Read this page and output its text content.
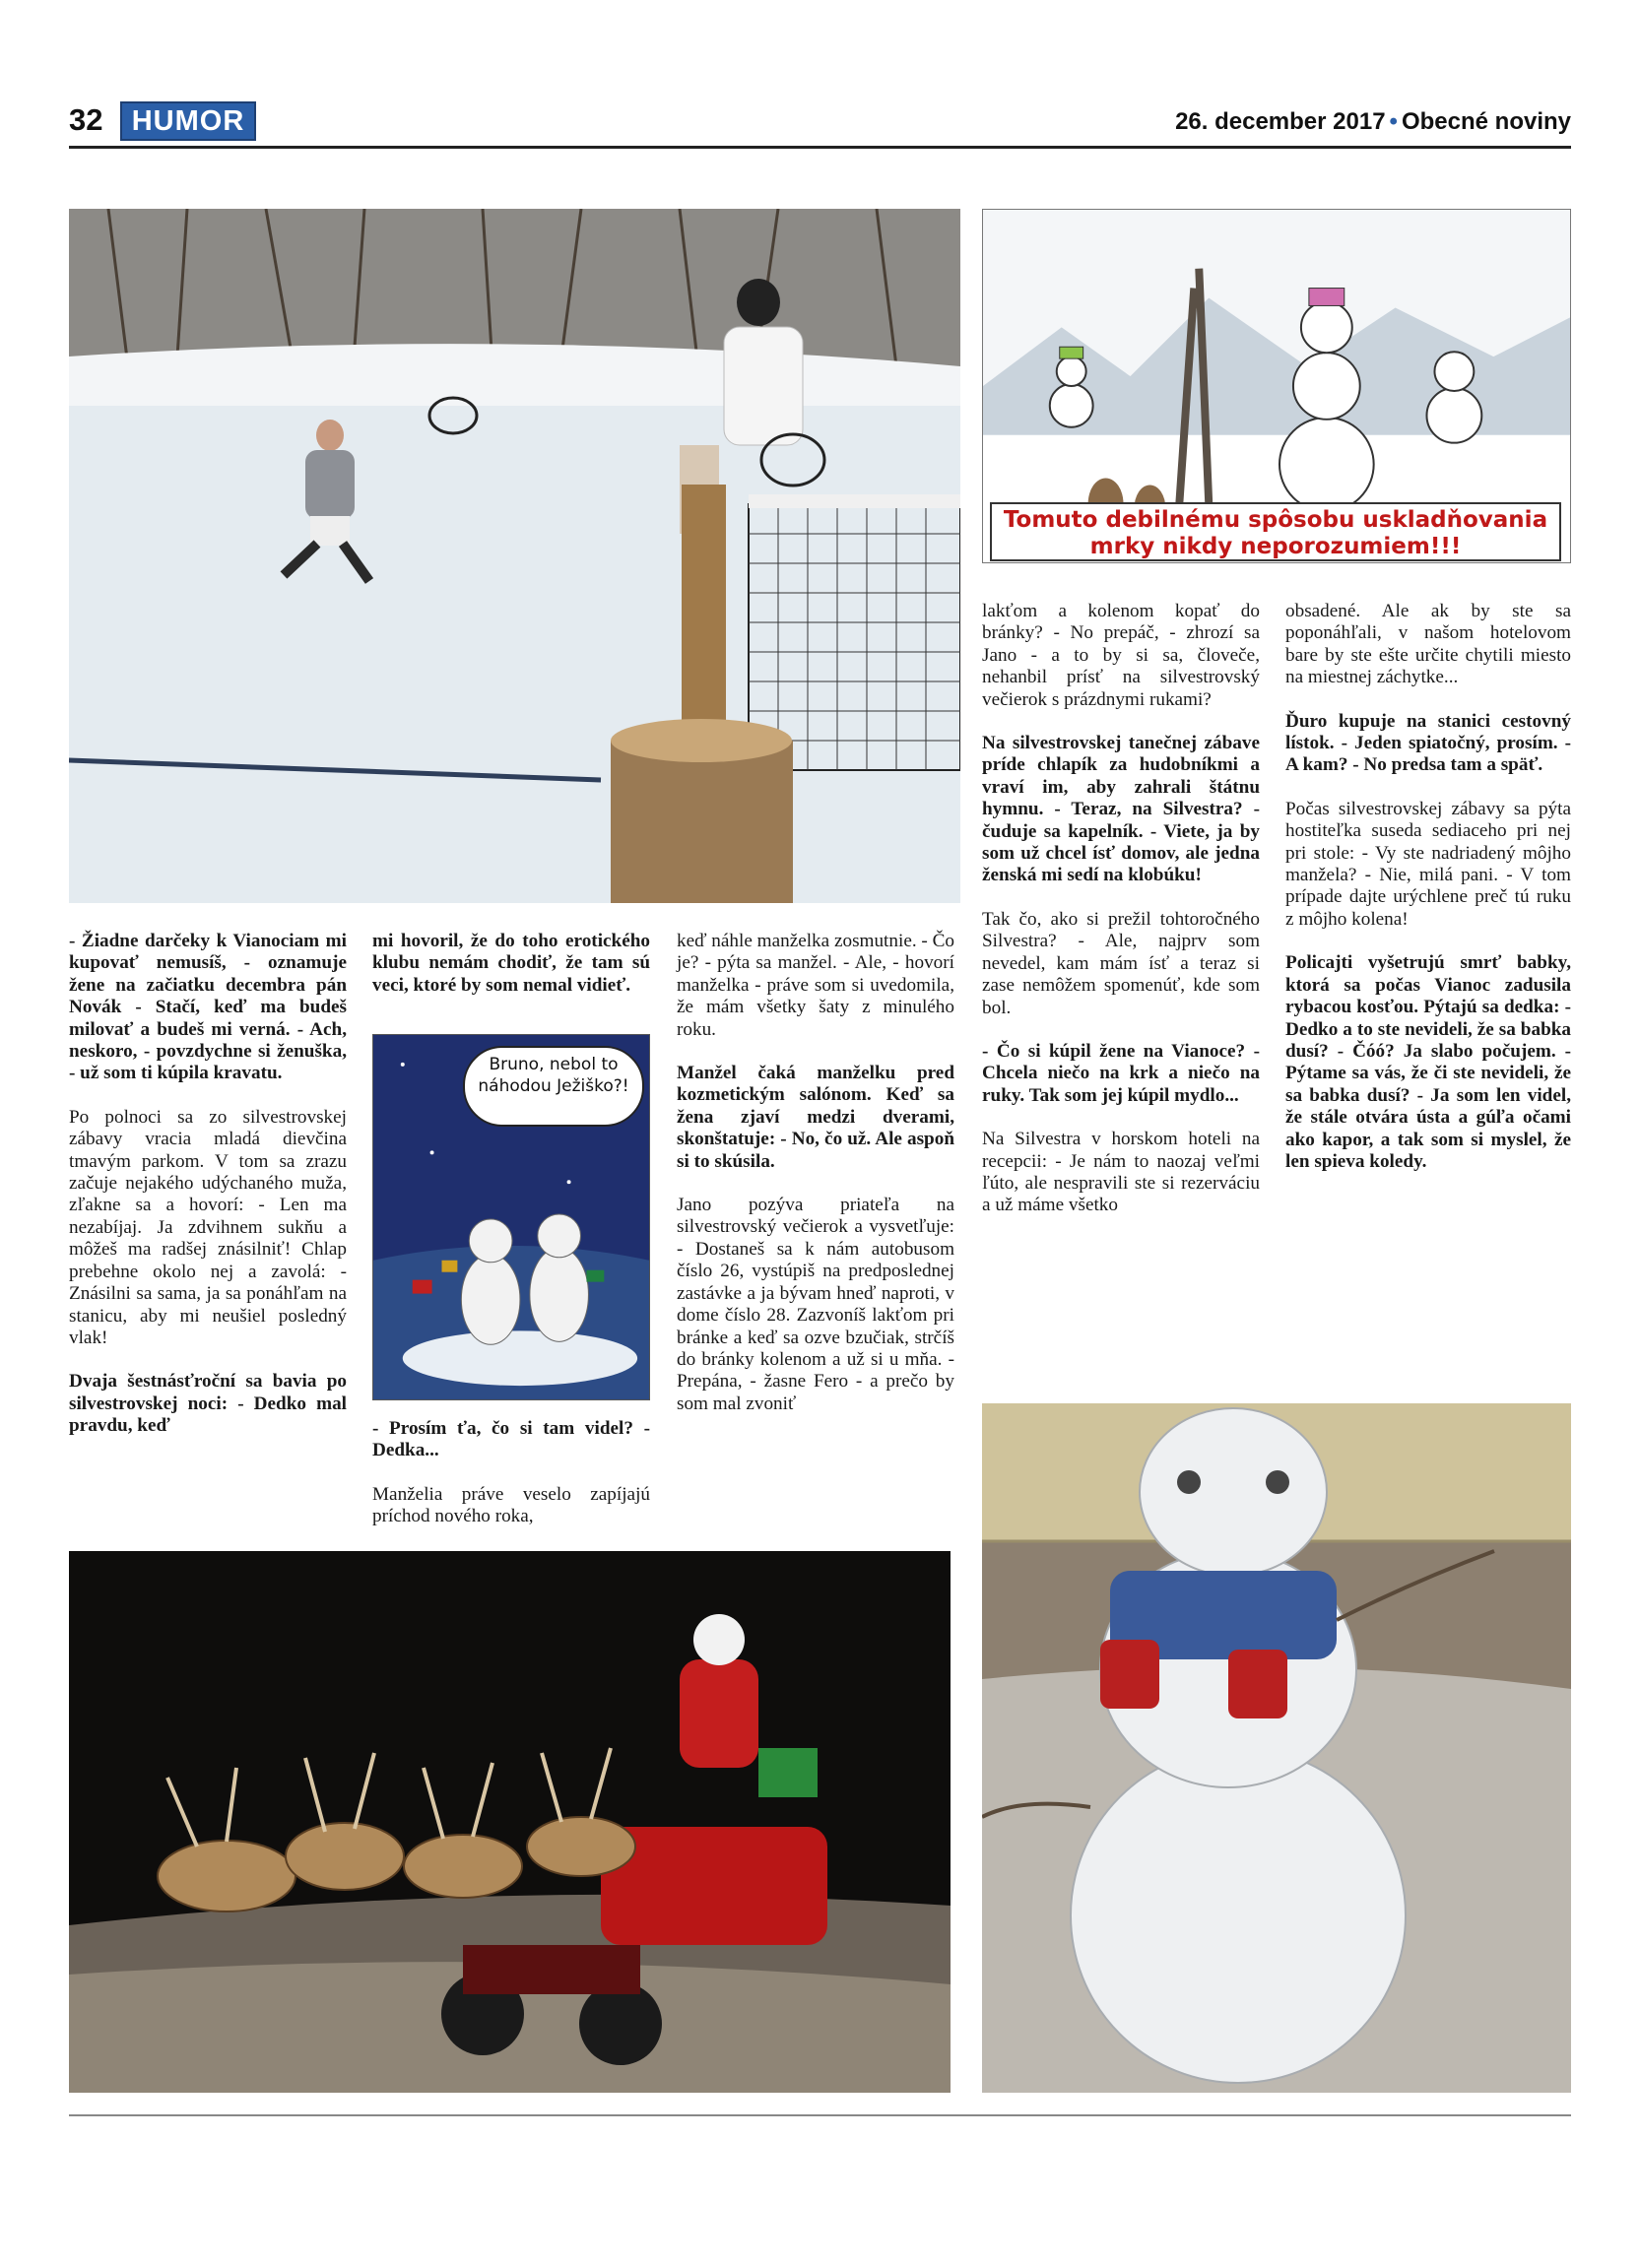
32	HUMOR	26. december 2017 • Obecné noviny
Tomuto debilnému spôsobu uskladňovania mrky nikdy neporozumiem!!!

- Žiadne darčeky k Vianociam mi kupovať nemusíš, - oznamuje žene na začiatku decembra pán Novák - Stačí, keď ma budeš milovať a budeš mi verná. - Ach, neskoro, - povzdychne si ženuška, - už som ti kúpila kravatu.

Po polnoci sa zo silvestrovskej zábavy vracia mladá dievčina tmavým parkom. V tom sa zrazu začuje nejakého udýchaného muža, zľakne sa a hovorí: - Len ma nezabíjaj. Ja zdvihnem sukňu a môžeš ma radšej znásilniť! Chlap prebehne okolo nej a zavolá: - Znásilni sa sama, ja sa ponáhľam na stanicu, aby mi neušiel posledný vlak!

Dvaja šestnásťroční sa bavia po silvestrovskej noci: - Dedko mal pravdu, keď

mi hovoril, že do toho erotického klubu nemám chodiť, že tam sú veci, ktoré by som nemal vidieť.

Bruno, nebol to náhodou Ježiško?!

- Prosím ťa, čo si tam videl? - Dedka...

Manželia práve veselo zapíjajú príchod nového roka,

keď náhle manželka zosmutnie. - Čo je? - pýta sa manžel. - Ale, - hovorí manželka - práve som si uvedomila, že mám všetky šaty z minulého roku.

Manžel čaká manželku pred kozmetickým salónom. Keď sa žena zjaví medzi dverami, skonštatuje: - No, čo už. Ale aspoň si to skúsila.

Jano pozýva priateľa na silvestrovský večierok a vysvetľuje: - Dostaneš sa k nám autobusom číslo 26, vystúpiš na predposlednej zastávke a ja bývam hneď naproti, v dome číslo 28. Zazvoníš lakťom pri bránke a keď sa ozve bzučiak, strčíš do bránky kolenom a už si u mňa. - Prepána, - žasne Fero - a prečo by som mal zvoniť

lakťom a kolenom kopať do bránky? - No prepáč, - zhrozí sa Jano - a to by si sa, človeče, nehanbil prísť na silvestrovský večierok s prázdnymi rukami?

Na silvestrovskej tanečnej zábave príde chlapík za hudobníkmi a vraví im, aby zahrali štátnu hymnu. - Teraz, na Silvestra? - čuduje sa kapelník. - Viete, ja by som už chcel ísť domov, ale jedna ženská mi sedí na klobúku!

Tak čo, ako si prežil tohtoročného Silvestra? - Ale, najprv som nevedel, kam mám ísť a teraz si zase nemôžem spomenúť, kde som bol.

- Čo si kúpil žene na Vianoce? - Chcela niečo na krk a niečo na ruky. Tak som jej kúpil mydlo...

Na Silvestra v horskom hoteli na recepcii: - Je nám to naozaj veľmi ľúto, ale nespravili ste si rezerváciu a už máme všetko

obsadené. Ale ak by ste sa poponáhľali, v našom hotelovom bare by ste ešte určite chytili miesto na miestnej záchytke...

Ďuro kupuje na stanici cestovný lístok. - Jeden spiatočný, prosím. - A kam? - No predsa tam a späť.

Počas silvestrovskej zábavy sa pýta hostiteľka suseda sediaceho pri nej pri stole: - Vy ste nadriadený môjho manžela? - Nie, milá pani. - V tom prípade dajte urýchlene preč tú ruku z môjho kolena!

Policajti vyšetrujú smrť babky, ktorá sa počas Vianoc zadusila rybacou kosťou. Pýtajú sa dedka: - Dedko a to ste nevideli, že sa babka dusí? - Čóó? Ja slabo počujem. - Pýtame sa vás, že či ste nevideli, že sa babka dusí? - Ja som len videl, že stále otvára ústa a gúľa očami ako kapor, a tak som si myslel, že len spieva koledy.
